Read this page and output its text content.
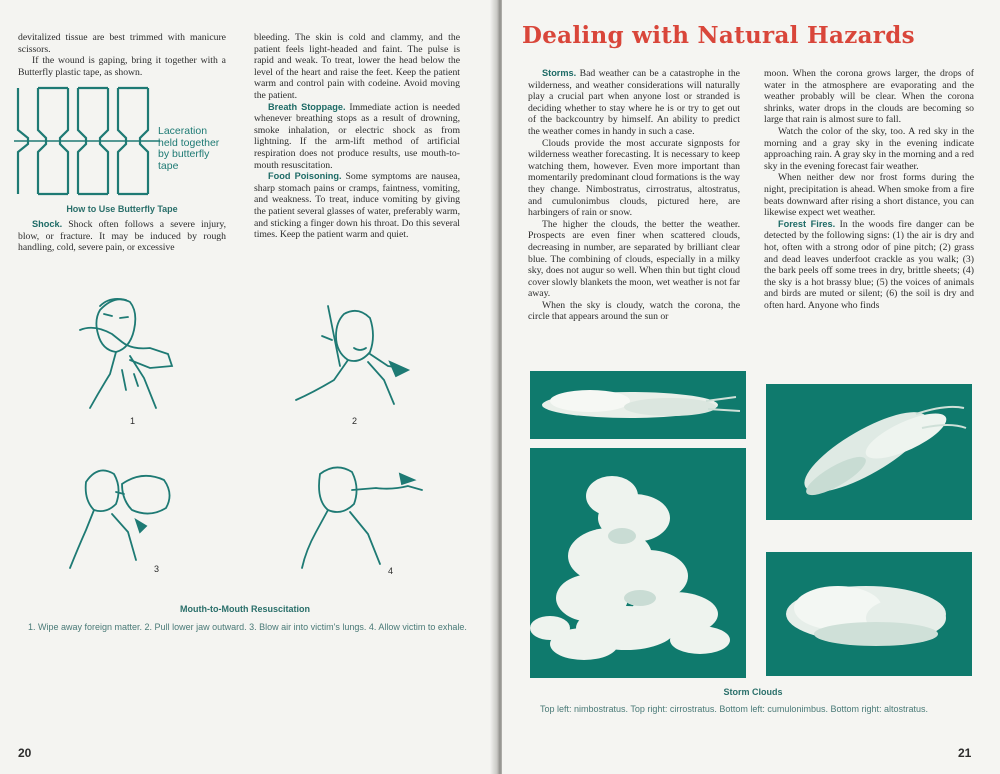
devitalized tissue are best trimmed with manicure scissors.

If the wound is gaping, bring it together with a Butterfly plastic tape, as shown.

Laceration
held together
by butterfly
tape
How to Use Butterfly Tape

Shock. Shock often follows a severe injury, blow, or fracture. It may be induced by rough handling, cold, severe pain, or excessive

bleeding. The skin is cold and clammy, and the patient feels light-headed and faint. The pulse is rapid and weak. To treat, lower the head below the level of the heart and raise the feet. Keep the patient warm and control pain with codeine. Avoid moving the patient.

Breath Stoppage. Immediate action is needed whenever breathing stops as a result of drowning, smoke inhalation, or electric shock as from lightning. If the arm-lift method of artificial respiration does not produce results, use mouth-to-mouth resuscitation.

Food Poisoning. Some symptoms are nausea, sharp stomach pains or cramps, faintness, vomiting, and weakness. To treat, induce vomiting by giving the patient several glasses of water, preferably warm, and sticking a finger down his throat. Do this several times. Keep the patient warm and quiet.

1	2
3	4
Mouth-to-Mouth Resuscitation
1. Wipe away foreign matter. 2. Pull lower jaw outward. 3. Blow air into victim's lungs. 4. Allow victim to exhale.
20
Dealing with Natural Hazards

Storms. Bad weather can be a catastrophe in the wilderness, and weather considerations will naturally play a crucial part when anyone lost or stranded is deciding whether to stay where he is or try to get out of the backcountry by himself. An ability to predict the weather comes in handy in such a case.

Clouds provide the most accurate signposts for wilderness weather forecasting. It is necessary to keep watching them, however. Even more important than momentarily predominant cloud formations is the way they change. Nimbostratus, cirrostratus, altostratus, and cumulonimbus clouds, pictured here, are harbingers of rain or snow.

The higher the clouds, the better the weather. Prospects are even finer when scattered clouds, decreasing in number, are separated by brilliant clear blue. The combining of clouds, especially in a milky sky, does not augur so well. When thin but tight cloud cover slowly blankets the moon, wet weather is not far away.

When the sky is cloudy, watch the corona, the circle that appears around the sun or

moon. When the corona grows larger, the drops of water in the atmosphere are evaporating and the weather probably will be clear. When the corona shrinks, water drops in the clouds are becoming so large that rain is almost sure to fall.

Watch the color of the sky, too. A red sky in the morning and a gray sky in the evening indicate approaching rain. A gray sky in the morning and a red sky in the evening forecast fair weather.

When neither dew nor frost forms during the night, precipitation is ahead. When smoke from a fire beats downward after rising a short distance, you can likewise expect wet weather.

Forest Fires. In the woods fire danger can be detected by the following signs: (1) the air is dry and hot, often with a strong odor of pine pitch; (2) grass and dead leaves underfoot crackle as you walk; (3) the bark peels off some trees in dry, brittle sheets; (4) the sky is a hot brassy blue; (5) the voices of animals and birds are muted or silent; (6) the soil is dry and often hard. Anyone who finds

Storm Clouds
Top left: nimbostratus. Top right: cirrostratus. Bottom left: cumulonimbus. Bottom right: altostratus.
21
